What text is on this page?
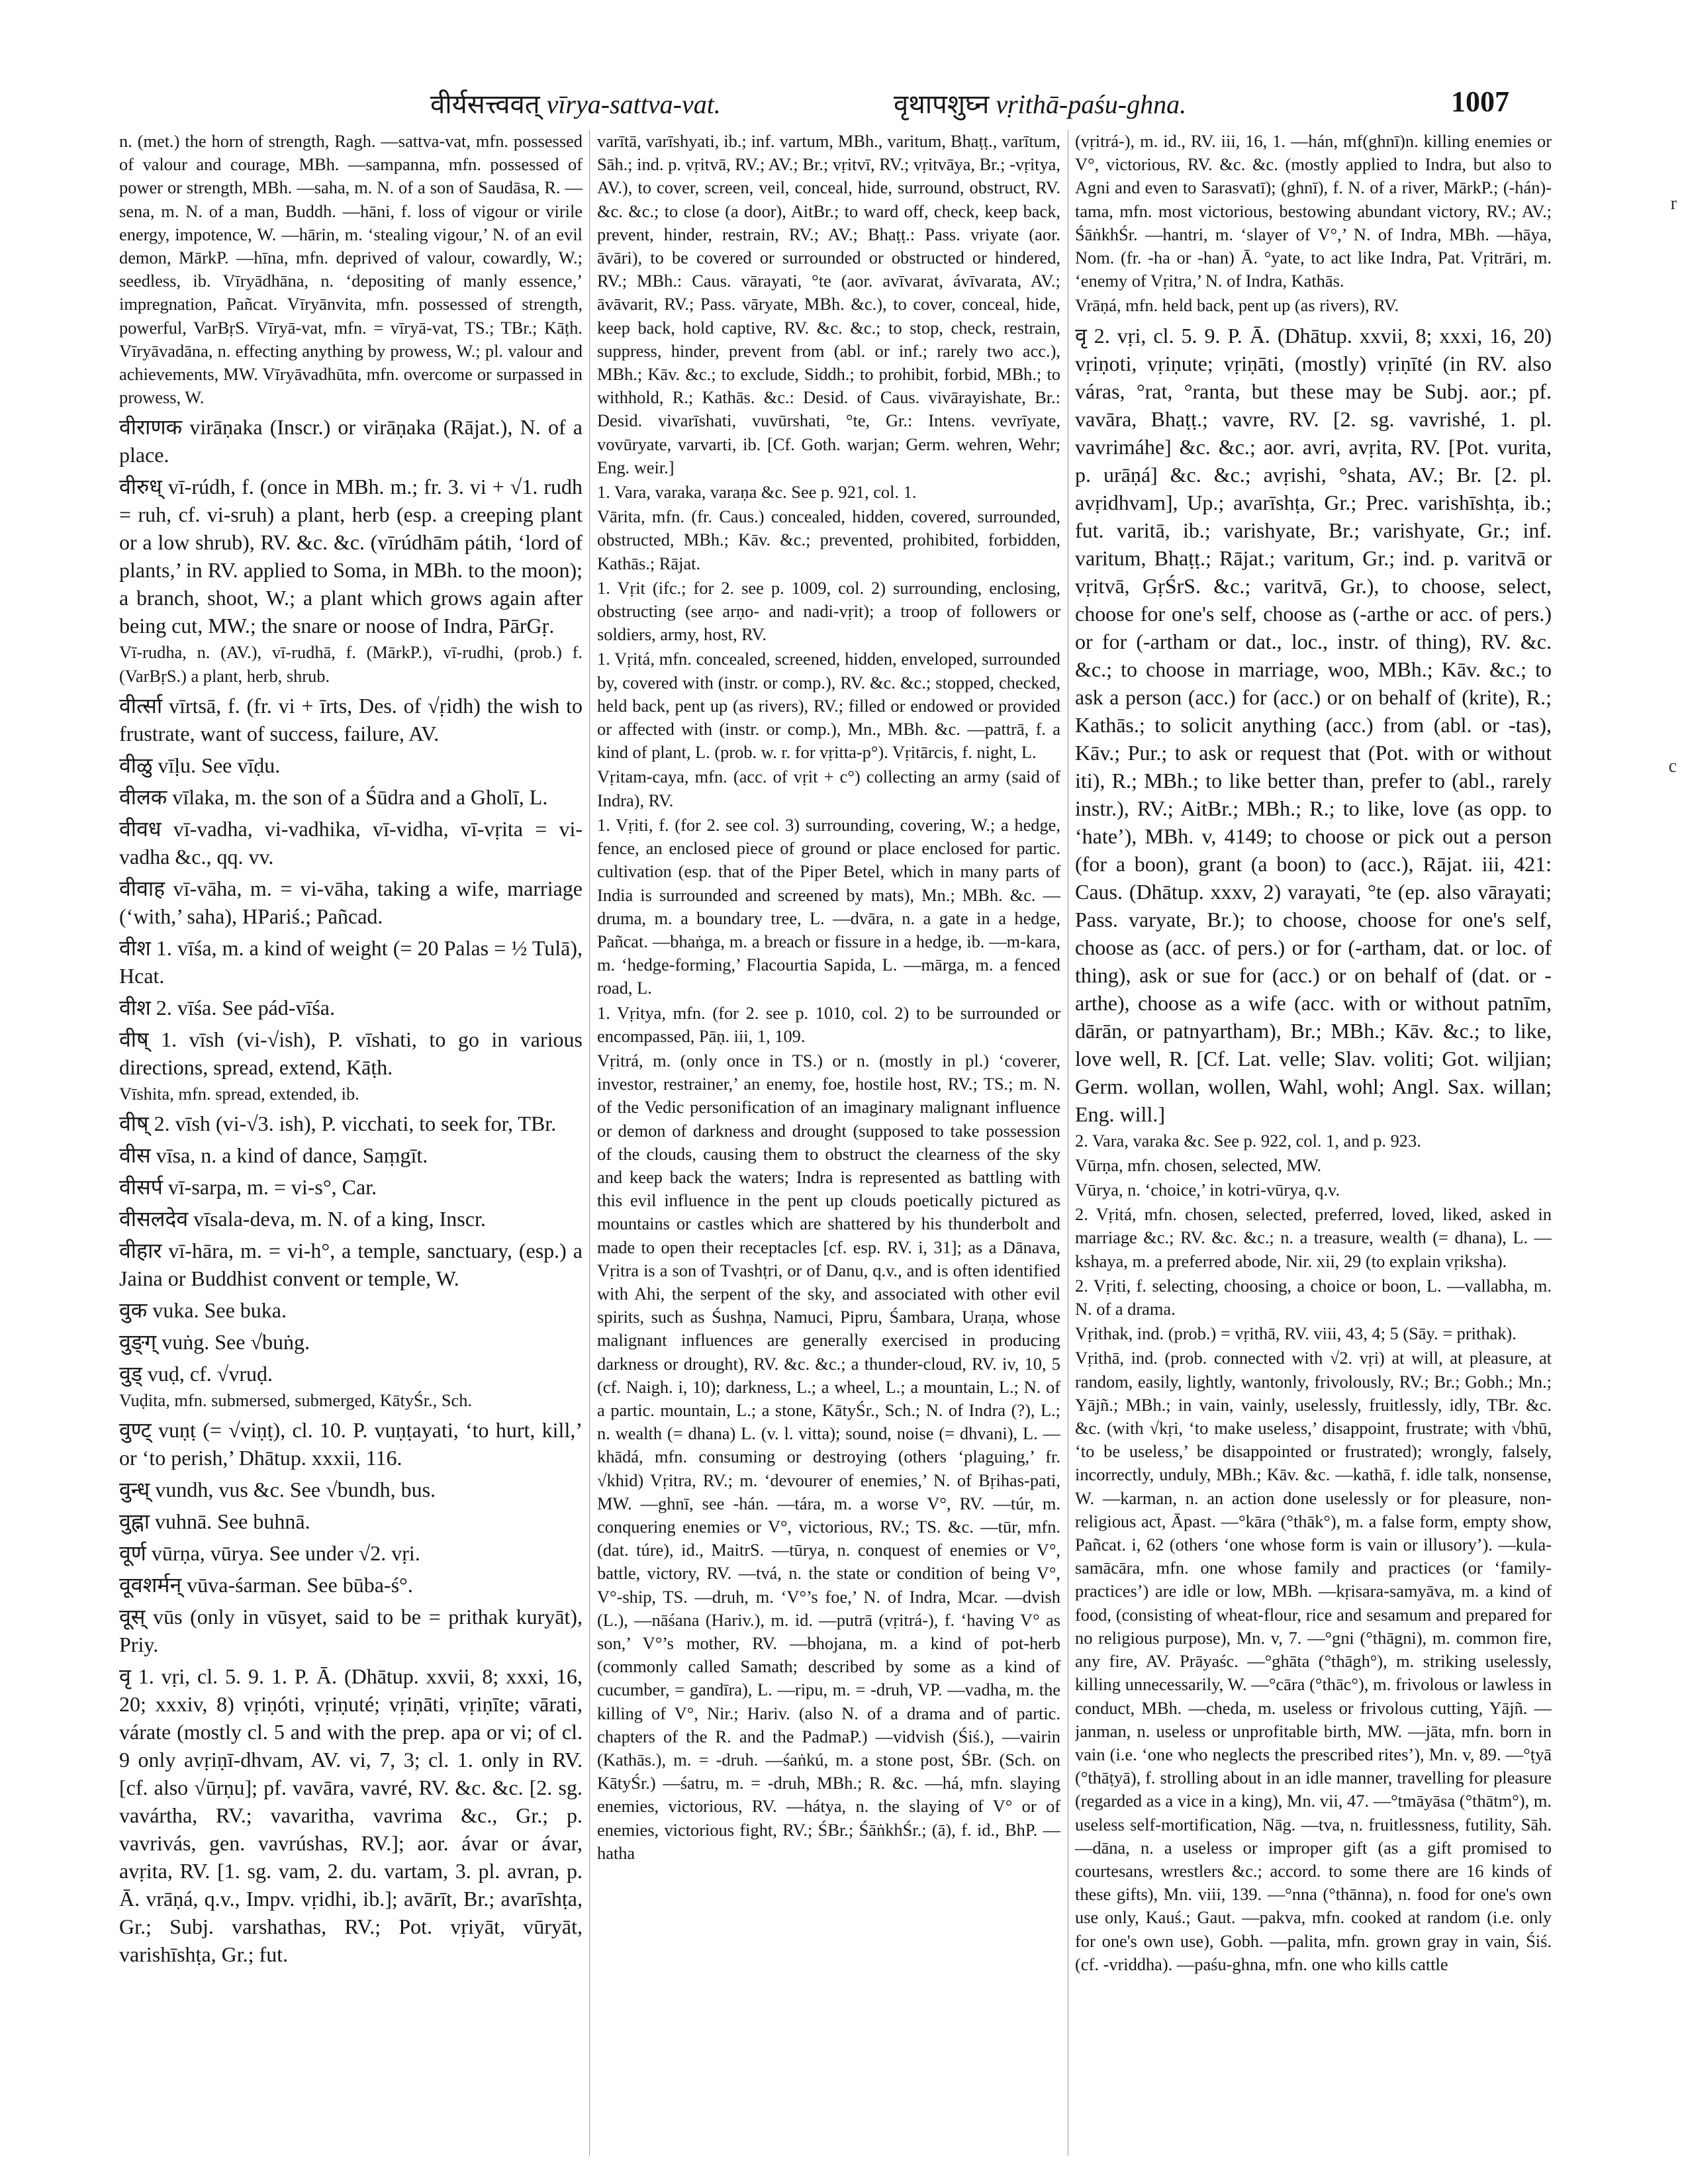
वीर्यसत्त्ववत् vīrya-sattva-vat.	वृथापशुघ्न vṛithā-paśu-ghna.	1007
r
c

n. (met.) the horn of strength, Ragh. —sattva-vat, mfn. possessed of valour and courage, MBh. —sampanna, mfn. possessed of power or strength, MBh. —saha, m. N. of a son of Saudāsa, R. —sena, m. N. of a man, Buddh. —hāni, f. loss of vigour or virile energy, impotence, W. —hārin, m. ‘stealing vigour,’ N. of an evil demon, MārkP. —hīna, mfn. deprived of valour, cowardly, W.; seedless, ib. Vīryādhāna, n. ‘depositing of manly essence,’ impregnation, Pañcat. Vīryānvita, mfn. possessed of strength, powerful, VarBṛS. Vīryā-vat, mfn. = vīryā-vat, TS.; TBr.; Kāṭh. Vīryāvadāna, n. effecting anything by prowess, W.; pl. valour and achievements, MW. Vīryāvadhūta, mfn. overcome or surpassed in prowess, W.

वीराणक virāṇaka (Inscr.) or virāṇaka (Rājat.), N. of a place.

वीरुध् vī-rúdh, f. (once in MBh. m.; fr. 3. vi + √1. rudh = ruh, cf. vi-sruh) a plant, herb (esp. a creeping plant or a low shrub), RV. &c. &c. (vīrúdhām pátih, ‘lord of plants,’ in RV. applied to Soma, in MBh. to the moon); a branch, shoot, W.; a plant which grows again after being cut, MW.; the snare or noose of Indra, PārGṛ.

Vī-rudha, n. (AV.), vī-rudhā, f. (MārkP.), vī-rudhi, (prob.) f. (VarBṛS.) a plant, herb, shrub.

वीर्त्सा vīrtsā, f. (fr. vi + īrts, Des. of √ṛidh) the wish to frustrate, want of success, failure, AV.

वीळु vīḷu. See vīḍu.

वीलक vīlaka, m. the son of a Śūdra and a Gholī, L.

वीवध vī-vadha, vi-vadhika, vī-vidha, vī-vṛita = vi-vadha &c., qq. vv.

वीवाह vī-vāha, m. = vi-vāha, taking a wife, marriage (‘with,’ saha), HPariś.; Pañcad.

वीश 1. vīśa, m. a kind of weight (= 20 Palas = ½ Tulā), Hcat.

वीश 2. vīśa. See pád-vīśa.

वीष् 1. vīsh (vi-√ish), P. vīshati, to go in various directions, spread, extend, Kāṭh.

Vīshita, mfn. spread, extended, ib.

वीष् 2. vīsh (vi-√3. ish), P. vicchati, to seek for, TBr.

वीस vīsa, n. a kind of dance, Saṃgīt.

वीसर्प vī-sarpa, m. = vi-s°, Car.

वीसलदेव vīsala-deva, m. N. of a king, Inscr.

वीहार vī-hāra, m. = vi-h°, a temple, sanctuary, (esp.) a Jaina or Buddhist convent or temple, W.

वुक vuka. See buka.

वुङ्ग् vuṅg. See √buṅg.

वुड् vuḍ, cf. √vruḍ.

Vuḍita, mfn. submersed, submerged, KātyŚr., Sch.

वुण्ट् vuṇṭ (= √viṇṭ), cl. 10. P. vuṇṭayati, ‘to hurt, kill,’ or ‘to perish,’ Dhātup. xxxii, 116.

वुन्ध् vundh, vus &c. See √bundh, bus.

वुह्ना vuhnā. See buhnā.

वूर्ण vūrṇa, vūrya. See under √2. vṛi.

वूवशर्मन् vūva-śarman. See būba-ś°.

वूस् vūs (only in vūsyet, said to be = prithak kuryāt), Priy.

वृ 1. vṛi, cl. 5. 9. 1. P. Ā. (Dhātup. xxvii, 8; xxxi, 16, 20; xxxiv, 8) vṛiṇóti, vṛiṇuté; vṛiṇāti, vṛiṇīte; vārati, várate (mostly cl. 5 and with the prep. apa or vi; of cl. 9 only avṛiṇī-dhvam, AV. vi, 7, 3; cl. 1. only in RV. [cf. also √ūrṇu]; pf. vavāra, vavré, RV. &c. &c. [2. sg. vavártha, RV.; vavaritha, vavrima &c., Gr.; p. vavrivás, gen. vavrúshas, RV.]; aor. ávar or ávar, avṛita, RV. [1. sg. vam, 2. du. vartam, 3. pl. avran, p. Ā. vrāṇá, q.v., Impv. vṛidhi, ib.]; avārīt, Br.; avarīshṭa, Gr.; Subj. varshathas, RV.; Pot. vṛiyāt, vūryāt, varishīshṭa, Gr.; fut.

varītā, varīshyati, ib.; inf. vartum, MBh., varitum, Bhaṭṭ., varītum, Sāh.; ind. p. vṛitvā, RV.; AV.; Br.; vṛitvī, RV.; vṛitvāya, Br.; -vṛitya, AV.), to cover, screen, veil, conceal, hide, surround, obstruct, RV. &c. &c.; to close (a door), AitBr.; to ward off, check, keep back, prevent, hinder, restrain, RV.; AV.; Bhaṭṭ.: Pass. vriyate (aor. āvāri), to be covered or surrounded or obstructed or hindered, RV.; MBh.: Caus. vārayati, °te (aor. avīvarat, ávīvarata, AV.; āvāvarit, RV.; Pass. vāryate, MBh. &c.), to cover, conceal, hide, keep back, hold captive, RV. &c. &c.; to stop, check, restrain, suppress, hinder, prevent from (abl. or inf.; rarely two acc.), MBh.; Kāv. &c.; to exclude, Siddh.; to prohibit, forbid, MBh.; to withhold, R.; Kathās. &c.: Desid. of Caus. vivārayishate, Br.: Desid. vivarīshati, vuvūrshati, °te, Gr.: Intens. vevrīyate, vovūryate, varvarti, ib. [Cf. Goth. warjan; Germ. wehren, Wehr; Eng. weir.]

1. Vara, varaka, varaṇa &c. See p. 921, col. 1.

Vārita, mfn. (fr. Caus.) concealed, hidden, covered, surrounded, obstructed, MBh.; Kāv. &c.; prevented, prohibited, forbidden, Kathās.; Rājat.

1. Vṛit (ifc.; for 2. see p. 1009, col. 2) surrounding, enclosing, obstructing (see arṇo- and nadi-vṛit); a troop of followers or soldiers, army, host, RV.

1. Vṛitá, mfn. concealed, screened, hidden, enveloped, surrounded by, covered with (instr. or comp.), RV. &c. &c.; stopped, checked, held back, pent up (as rivers), RV.; filled or endowed or provided or affected with (instr. or comp.), Mn., MBh. &c. —pattrā, f. a kind of plant, L. (prob. w. r. for vṛitta-p°). Vṛitārcis, f. night, L.

Vṛitam-caya, mfn. (acc. of vṛit + c°) collecting an army (said of Indra), RV.

1. Vṛiti, f. (for 2. see col. 3) surrounding, covering, W.; a hedge, fence, an enclosed piece of ground or place enclosed for partic. cultivation (esp. that of the Piper Betel, which in many parts of India is surrounded and screened by mats), Mn.; MBh. &c. —druma, m. a boundary tree, L. —dvāra, n. a gate in a hedge, Pañcat. —bhaṅga, m. a breach or fissure in a hedge, ib. —m-kara, m. ‘hedge-forming,’ Flacourtia Sapida, L. —mārga, m. a fenced road, L.

1. Vṛitya, mfn. (for 2. see p. 1010, col. 2) to be surrounded or encompassed, Pāṇ. iii, 1, 109.

Vṛitrá, m. (only once in TS.) or n. (mostly in pl.) ‘coverer, investor, restrainer,’ an enemy, foe, hostile host, RV.; TS.; m. N. of the Vedic personification of an imaginary malignant influence or demon of darkness and drought (supposed to take possession of the clouds, causing them to obstruct the clearness of the sky and keep back the waters; Indra is represented as battling with this evil influence in the pent up clouds poetically pictured as mountains or castles which are shattered by his thunderbolt and made to open their receptacles [cf. esp. RV. i, 31]; as a Dānava, Vṛitra is a son of Tvashṭri, or of Danu, q.v., and is often identified with Ahi, the serpent of the sky, and associated with other evil spirits, such as Śushṇa, Namuci, Pipru, Śambara, Uraṇa, whose malignant influences are generally exercised in producing darkness or drought), RV. &c. &c.; a thunder-cloud, RV. iv, 10, 5 (cf. Naigh. i, 10); darkness, L.; a wheel, L.; a mountain, L.; N. of a partic. mountain, L.; a stone, KātyŚr., Sch.; N. of Indra (?), L.; n. wealth (= dhana) L. (v. l. vitta); sound, noise (= dhvani), L. —khādá, mfn. consuming or destroying (others ‘plaguing,’ fr. √khid) Vṛitra, RV.; m. ‘devourer of enemies,’ N. of Bṛihas-pati, MW. —ghnī, see -hán. —tára, m. a worse V°, RV. —túr, m. conquering enemies or V°, victorious, RV.; TS. &c. —tūr, mfn. (dat. túre), id., MaitrS. —tūrya, n. conquest of enemies or V°, battle, victory, RV. —tvá, n. the state or condition of being V°, V°-ship, TS. —druh, m. ‘V°’s foe,’ N. of Indra, Mcar. —dvish (L.), —nāśana (Hariv.), m. id. —putrā (vṛitrá-), f. ‘having V° as son,’ V°’s mother, RV. —bhojana, m. a kind of pot-herb (commonly called Samath; described by some as a kind of cucumber, = gandīra), L. —ripu, m. = -druh, VP. —vadha, m. the killing of V°, Nir.; Hariv. (also N. of a drama and of partic. chapters of the R. and the PadmaP.) —vidvish (Śiś.), —vairin (Kathās.), m. = -druh. —śaṅkú, m. a stone post, ŚBr. (Sch. on KātyŚr.) —śatru, m. = -druh, MBh.; R. &c. —há, mfn. slaying enemies, victorious, RV. —hátya, n. the slaying of V° or of enemies, victorious fight, RV.; ŚBr.; ŚāṅkhŚr.; (ā), f. id., BhP. —hatha

(vṛitrá-), m. id., RV. iii, 16, 1. —hán, mf(ghnī)n. killing enemies or V°, victorious, RV. &c. &c. (mostly applied to Indra, but also to Agni and even to Sarasvatī); (ghnī), f. N. of a river, MārkP.; (-hán)-tama, mfn. most victorious, bestowing abundant victory, RV.; AV.; ŚāṅkhŚr. —hantri, m. ‘slayer of V°,’ N. of Indra, MBh. —hāya, Nom. (fr. -ha or -han) Ā. °yate, to act like Indra, Pat. Vṛitrāri, m. ‘enemy of Vṛitra,’ N. of Indra, Kathās.

Vrāṇá, mfn. held back, pent up (as rivers), RV.

वृ 2. vṛi, cl. 5. 9. P. Ā. (Dhātup. xxvii, 8; xxxi, 16, 20) vṛiṇoti, vṛiṇute; vṛiṇāti, (mostly) vṛiṇīté (in RV. also váras, °rat, °ranta, but these may be Subj. aor.; pf. vavāra, Bhaṭṭ.; vavre, RV. [2. sg. vavrishé, 1. pl. vavrimáhe] &c. &c.; aor. avri, avṛita, RV. [Pot. vurita, p. urāṇá] &c. &c.; avṛishi, °shata, AV.; Br. [2. pl. avṛidhvam], Up.; avarīshṭa, Gr.; Prec. varishīshṭa, ib.; fut. varitā, ib.; varishyate, Br.; varishyate, Gr.; inf. varitum, Bhaṭṭ.; Rājat.; varitum, Gr.; ind. p. varitvā or vṛitvā, GṛŚrS. &c.; varitvā, Gr.), to choose, select, choose for one's self, choose as (-arthe or acc. of pers.) or for (-artham or dat., loc., instr. of thing), RV. &c. &c.; to choose in marriage, woo, MBh.; Kāv. &c.; to ask a person (acc.) for (acc.) or on behalf of (krite), R.; Kathās.; to solicit anything (acc.) from (abl. or -tas), Kāv.; Pur.; to ask or request that (Pot. with or without iti), R.; MBh.; to like better than, prefer to (abl., rarely instr.), RV.; AitBr.; MBh.; R.; to like, love (as opp. to ‘hate’), MBh. v, 4149; to choose or pick out a person (for a boon), grant (a boon) to (acc.), Rājat. iii, 421: Caus. (Dhātup. xxxv, 2) varayati, °te (ep. also vārayati; Pass. varyate, Br.); to choose, choose for one's self, choose as (acc. of pers.) or for (-artham, dat. or loc. of thing), ask or sue for (acc.) or on behalf of (dat. or -arthe), choose as a wife (acc. with or without patnīm, dārān, or patnyartham), Br.; MBh.; Kāv. &c.; to like, love well, R. [Cf. Lat. velle; Slav. voliti; Got. wiljian; Germ. wollan, wollen, Wahl, wohl; Angl. Sax. willan; Eng. will.]

2. Vara, varaka &c. See p. 922, col. 1, and p. 923.

Vūrṇa, mfn. chosen, selected, MW.

Vūrya, n. ‘choice,’ in kotri-vūrya, q.v.

2. Vṛitá, mfn. chosen, selected, preferred, loved, liked, asked in marriage &c.; RV. &c. &c.; n. a treasure, wealth (= dhana), L. —kshaya, m. a preferred abode, Nir. xii, 29 (to explain vṛiksha).

2. Vṛiti, f. selecting, choosing, a choice or boon, L. —vallabha, m. N. of a drama.

Vṛithak, ind. (prob.) = vṛithā, RV. viii, 43, 4; 5 (Sāy. = prithak).

Vṛithā, ind. (prob. connected with √2. vṛi) at will, at pleasure, at random, easily, lightly, wantonly, frivolously, RV.; Br.; Gobh.; Mn.; Yājñ.; MBh.; in vain, vainly, uselessly, fruitlessly, idly, TBr. &c. &c. (with √kṛi, ‘to make useless,’ disappoint, frustrate; with √bhū, ‘to be useless,’ be disappointed or frustrated); wrongly, falsely, incorrectly, unduly, MBh.; Kāv. &c. —kathā, f. idle talk, nonsense, W. —karman, n. an action done uselessly or for pleasure, non-religious act, Āpast. —°kāra (°thāk°), m. a false form, empty show, Pañcat. i, 62 (others ‘one whose form is vain or illusory’). —kula-samācāra, mfn. one whose family and practices (or ‘family-practices’) are idle or low, MBh. —kṛisara-samyāva, m. a kind of food, (consisting of wheat-flour, rice and sesamum and prepared for no religious purpose), Mn. v, 7. —°gni (°thāgni), m. common fire, any fire, AV. Prāyaśc. —°ghāta (°thāgh°), m. striking uselessly, killing unnecessarily, W. —°cāra (°thāc°), m. frivolous or lawless in conduct, MBh. —cheda, m. useless or frivolous cutting, Yājñ. —janman, n. useless or unprofitable birth, MW. —jāta, mfn. born in vain (i.e. ‘one who neglects the prescribed rites’), Mn. v, 89. —°ṭyā (°thāṭyā), f. strolling about in an idle manner, travelling for pleasure (regarded as a vice in a king), Mn. vii, 47. —°tmāyāsa (°thātm°), m. useless self-mortification, Nāg. —tva, n. fruitlessness, futility, Sāh. —dāna, n. a useless or improper gift (as a gift promised to courtesans, wrestlers &c.; accord. to some there are 16 kinds of these gifts), Mn. viii, 139. —°nna (°thānna), n. food for one's own use only, Kauś.; Gaut. —pakva, mfn. cooked at random (i.e. only for one's own use), Gobh. —palita, mfn. grown gray in vain, Śiś. (cf. -vriddha). —paśu-ghna, mfn. one who kills cattle
